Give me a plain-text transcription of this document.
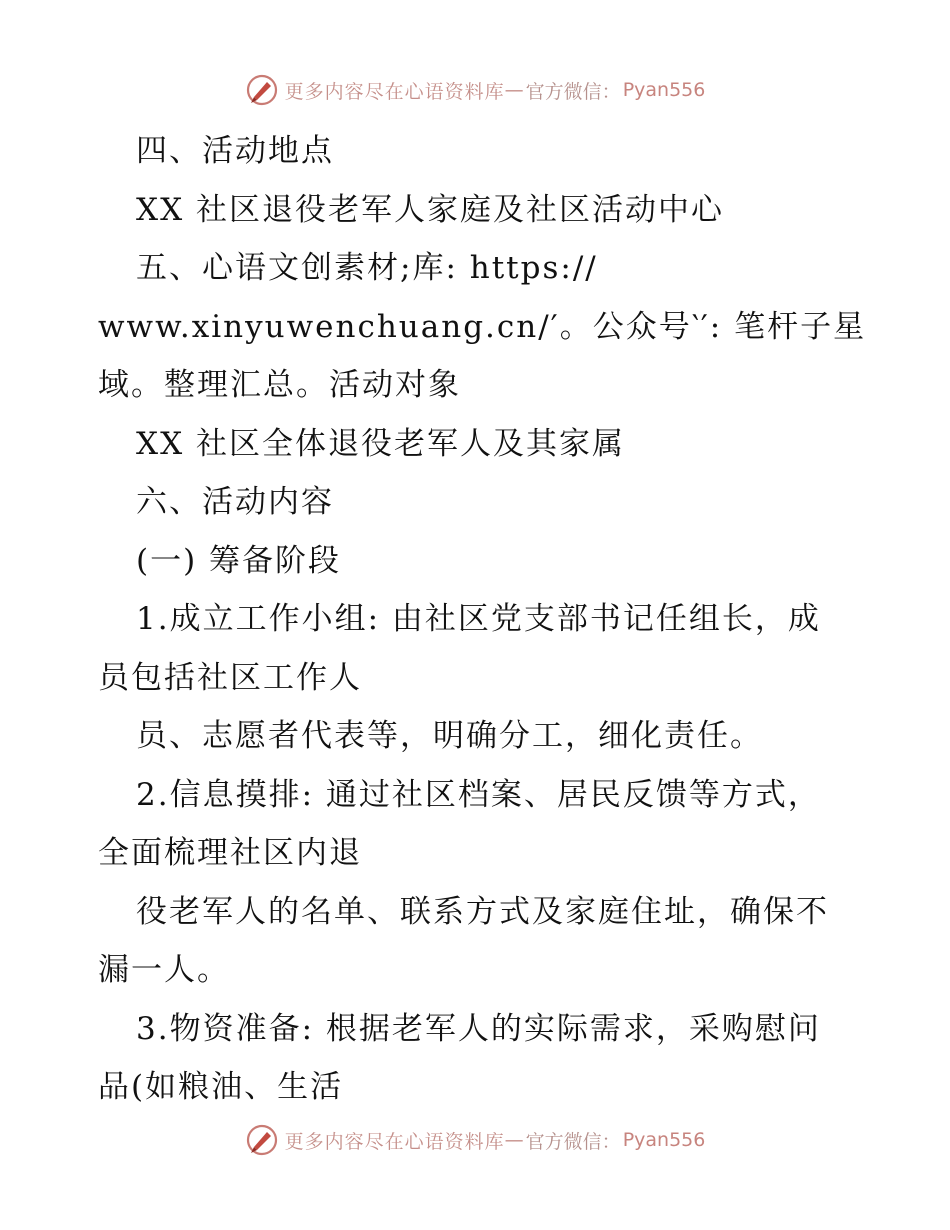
更多内容尽在心语资料库 — 官方微信： Pyan556
四、活动地点
XX 社区退役老军人家庭及社区活动中心
五、心语文创素材;库: https://
www.xinyuwenchuang.cn/′。公众号‵′: 笔杆子星
域。整理汇总。活动对象
XX 社区全体退役老军人及其家属
六、活动内容
(一) 筹备阶段
1.成立工作小组: 由社区党支部书记任组长，成
员包括社区工作人
员、志愿者代表等，明确分工，细化责任。
2.信息摸排: 通过社区档案、居民反馈等方式，
全面梳理社区内退
役老军人的名单、联系方式及家庭住址，确保不
漏一人。
3.物资准备: 根据老军人的实际需求，采购慰问
品(如粮油、生活
更多内容尽在心语资料库 — 官方微信： Pyan556
